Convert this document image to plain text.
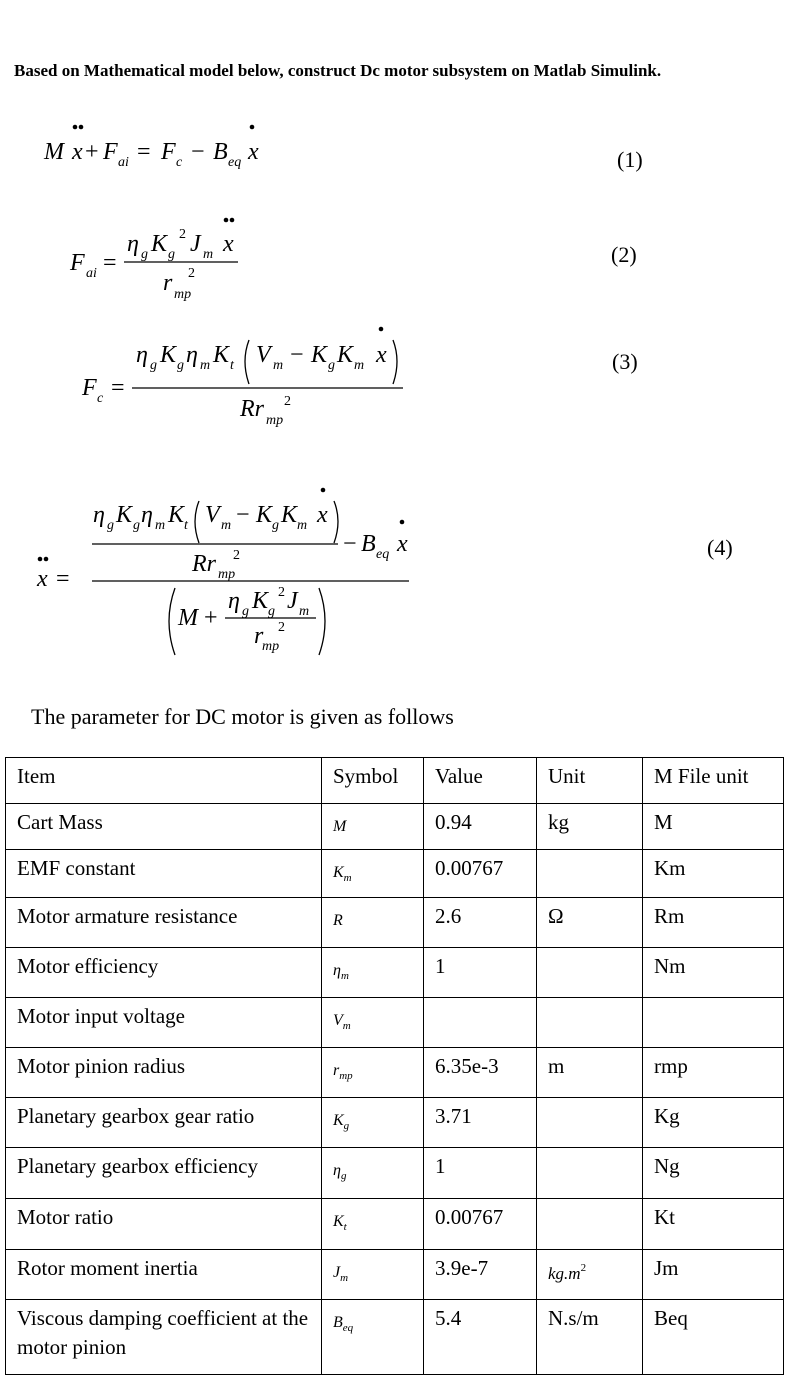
Based on Mathematical model below, construct Dc motor subsystem on Matlab Simulink.
M x + F ai = F c − B eq x	(1)
η g K g
2 J m x
r mp
2
F ai =	(2)
η g K g η m K t V m − K g K m x
Rr mp
2
F c =
(3)
η g K g η m K t V m − K g K m x
Rr mp
2	− B eq x
M +
η g K g
2 J m
r
mp
2
x =
(4)
The parameter for DC motor is given as follows
Item	Symbol	Value	Unit	M File unit
Cart Mass	M	0.94	kg	M
EMF constant	$K_m$	0.00767		Km
Motor armature resistance	R	2.6	Ω	Rm
Motor efficiency	$\eta_m$	1		Nm
Motor input voltage	$V_m$			
Motor pinion radius	$r_{mp}$	6.35e-3	m	rmp
Planetary gearbox gear ratio	$K_g$	3.71		Kg
Planetary gearbox efficiency	$\eta_g$	1		Ng
Motor ratio	$K_t$	0.00767		Kt
Rotor moment inertia	$J_m$	3.9e-7	$kg.m^2$	Jm
Viscous damping coefficient at the motor pinion	$B_{eq}$	5.4	N.s/m	Beq
